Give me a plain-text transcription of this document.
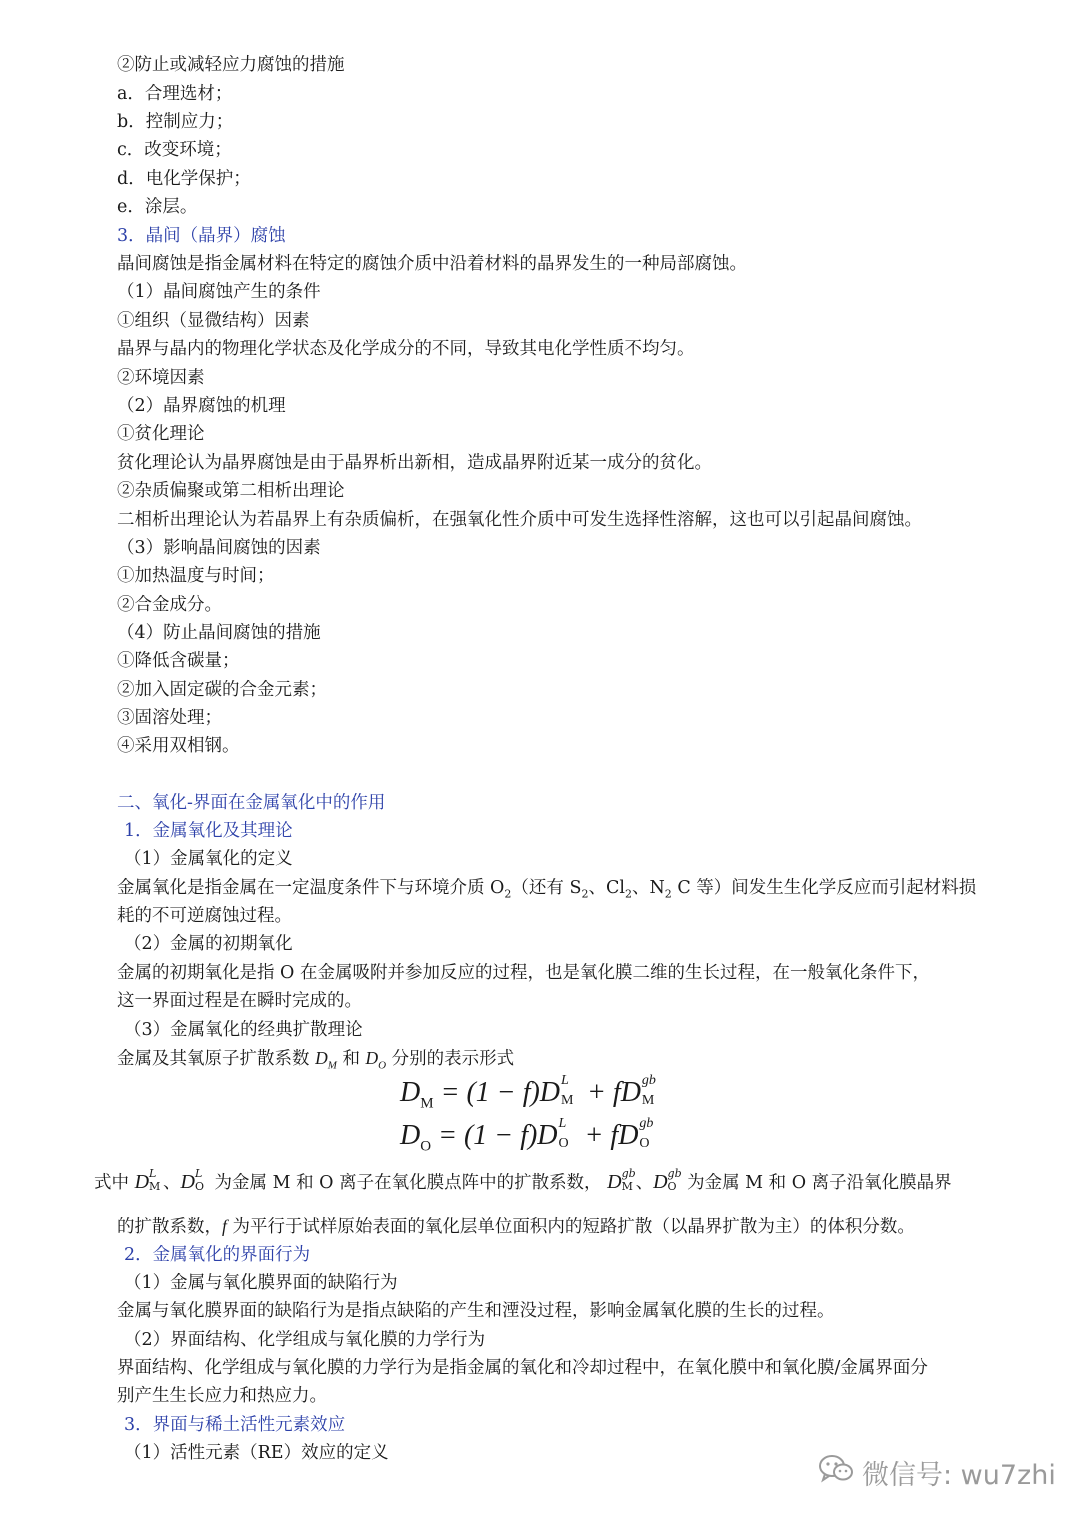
②防止或减轻应力腐蚀的措施

a．合理选材；

b．控制应力；

c．改变环境；

d．电化学保护；

e．涂层。

3．晶间（晶界）腐蚀

晶间腐蚀是指金属材料在特定的腐蚀介质中沿着材料的晶界发生的一种局部腐蚀。

（1）晶间腐蚀产生的条件

①组织（显微结构）因素

晶界与晶内的物理化学状态及化学成分的不同，导致其电化学性质不均匀。

②环境因素

（2）晶界腐蚀的机理

①贫化理论

贫化理论认为晶界腐蚀是由于晶界析出新相，造成晶界附近某一成分的贫化。

②杂质偏聚或第二相析出理论

二相析出理论认为若晶界上有杂质偏析，在强氧化性介质中可发生选择性溶解，这也可以引起晶间腐蚀。

（3）影响晶间腐蚀的因素

①加热温度与时间；

②合金成分。

（4）防止晶间腐蚀的措施

①降低含碳量；

②加入固定碳的合金元素；

③固溶处理；

④采用双相钢。

二、氧化-界面在金属氧化中的作用

1．金属氧化及其理论

（1）金属氧化的定义

金属氧化是指金属在一定温度条件下与环境介质 $O_2$（还有 $S_2$、$Cl_2$、$N_2$ C 等）间发生生化学反应而引起材料损

耗的不可逆腐蚀过程。

（2）金属的初期氧化

金属的初期氧化是指 O 在金属吸附并参加反应的过程，也是氧化膜二维的生长过程，在一般氧化条件下，

这一界面过程是在瞬时完成的。

（3）金属氧化的经典扩散理论

金属及其氧原子扩散系数 $D_M$ 和 $D_O$ 分别的表示形式

$D_M = (1 - f)D$ L
M + fD gb
M
$D_O = (1 - f)D$ L
O + fD gb
O

式中 D L
M 、D L
O 为金属 M 和 O 离子在氧化膜点阵中的扩散系数， D gb
M 、D gb
O 为金属 M 和 O 离子沿氧化膜晶界

的扩散系数，f 为平行于试样原始表面的氧化层单位面积内的短路扩散（以晶界扩散为主）的体积分数。

2．金属氧化的界面行为

（1）金属与氧化膜界面的缺陷行为

金属与氧化膜界面的缺陷行为是指点缺陷的产生和湮没过程，影响金属氧化膜的生长的过程。

（2）界面结构、化学组成与氧化膜的力学行为

界面结构、化学组成与氧化膜的力学行为是指金属的氧化和冷却过程中，在氧化膜中和氧化膜/金属界面分

别产生生长应力和热应力。

3．界面与稀土活性元素效应

（1）活性元素（RE）效应的定义

微信号: wu7zhi
